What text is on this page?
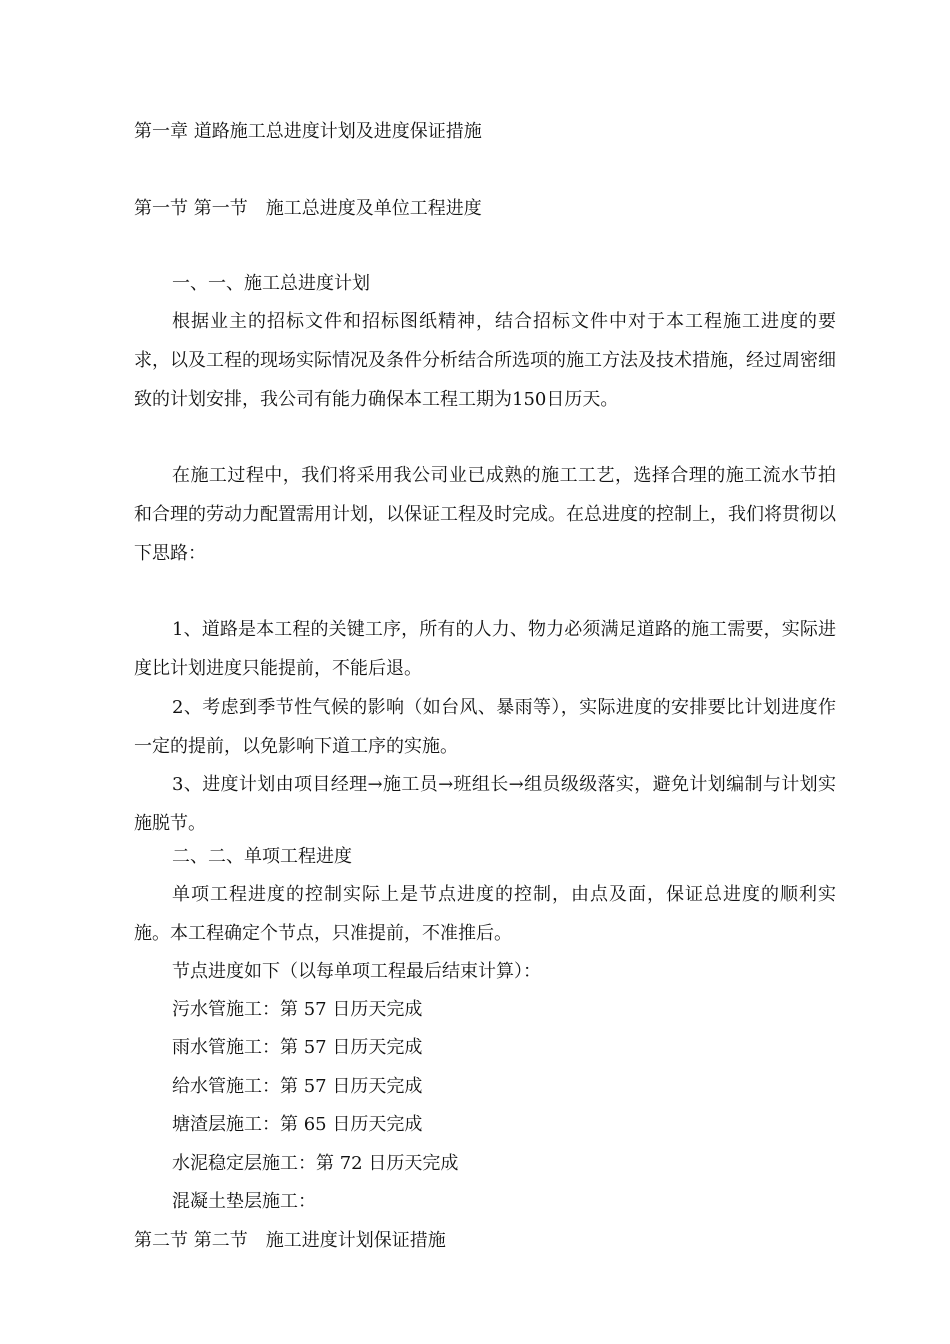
第一章 道路施工总进度计划及进度保证措施
第一节 第一节　施工总进度及单位工程进度
一、一、施工总进度计划
根据业主的招标文件和招标图纸精神，结合招标文件中对于本工程施工进度的要求，以及工程的现场实际情况及条件分析结合所选项的施工方法及技术措施，经过周密细致的计划安排，我公司有能力确保本工程工期为150日历天。
在施工过程中，我们将采用我公司业已成熟的施工工艺，选择合理的施工流水节拍和合理的劳动力配置需用计划，以保证工程及时完成。在总进度的控制上，我们将贯彻以下思路：
1、道路是本工程的关键工序，所有的人力、物力必须满足道路的施工需要，实际进度比计划进度只能提前，不能后退。
2、考虑到季节性气候的影响（如台风、暴雨等），实际进度的安排要比计划进度作一定的提前，以免影响下道工序的实施。
3、进度计划由项目经理→施工员→班组长→组员级级落实，避免计划编制与计划实施脱节。
二、二、单项工程进度
单项工程进度的控制实际上是节点进度的控制，由点及面，保证总进度的顺利实施。本工程确定个节点，只准提前，不准推后。
节点进度如下（以每单项工程最后结束计算）：
污水管施工：第 57 日历天完成
雨水管施工：第 57 日历天完成
给水管施工：第 57 日历天完成
塘渣层施工：第 65 日历天完成
水泥稳定层施工：第 72 日历天完成
混凝土垫层施工：
第二节 第二节　施工进度计划保证措施
